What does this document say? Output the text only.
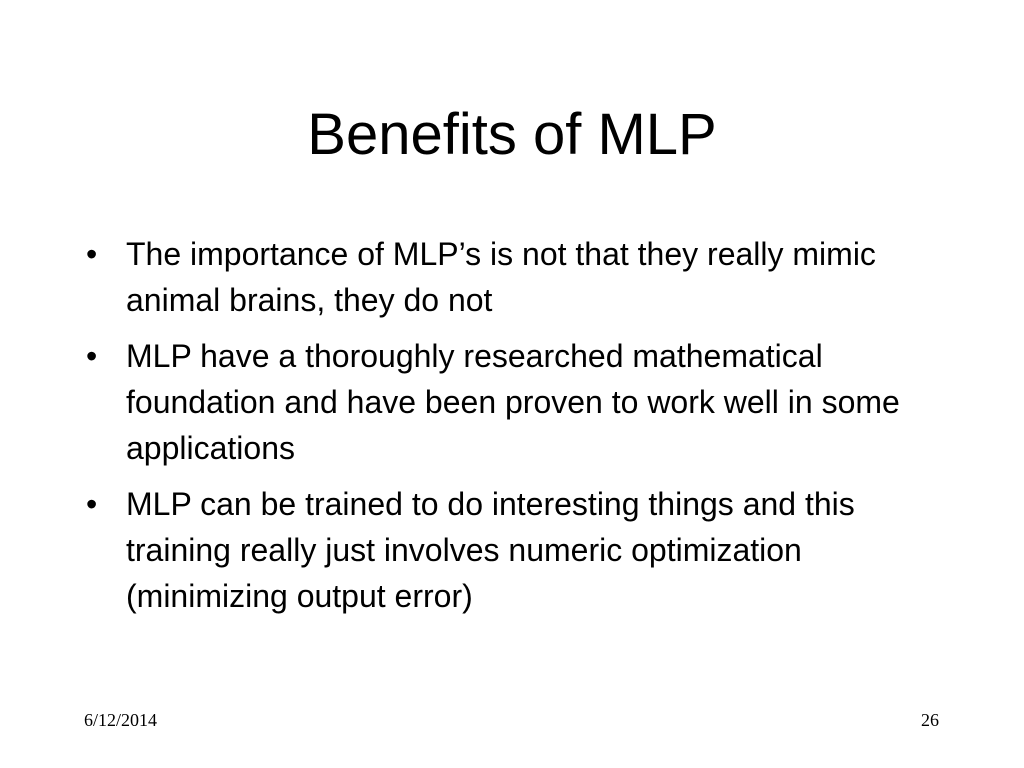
Benefits of MLP
• The importance of MLP’s is not that they really mimic animal brains, they do not
• MLP have a thoroughly researched mathematical foundation and have been proven to work well in some applications
• MLP can be trained to do interesting things and this training really just involves numeric optimization (minimizing output error)
6/12/2014	26
